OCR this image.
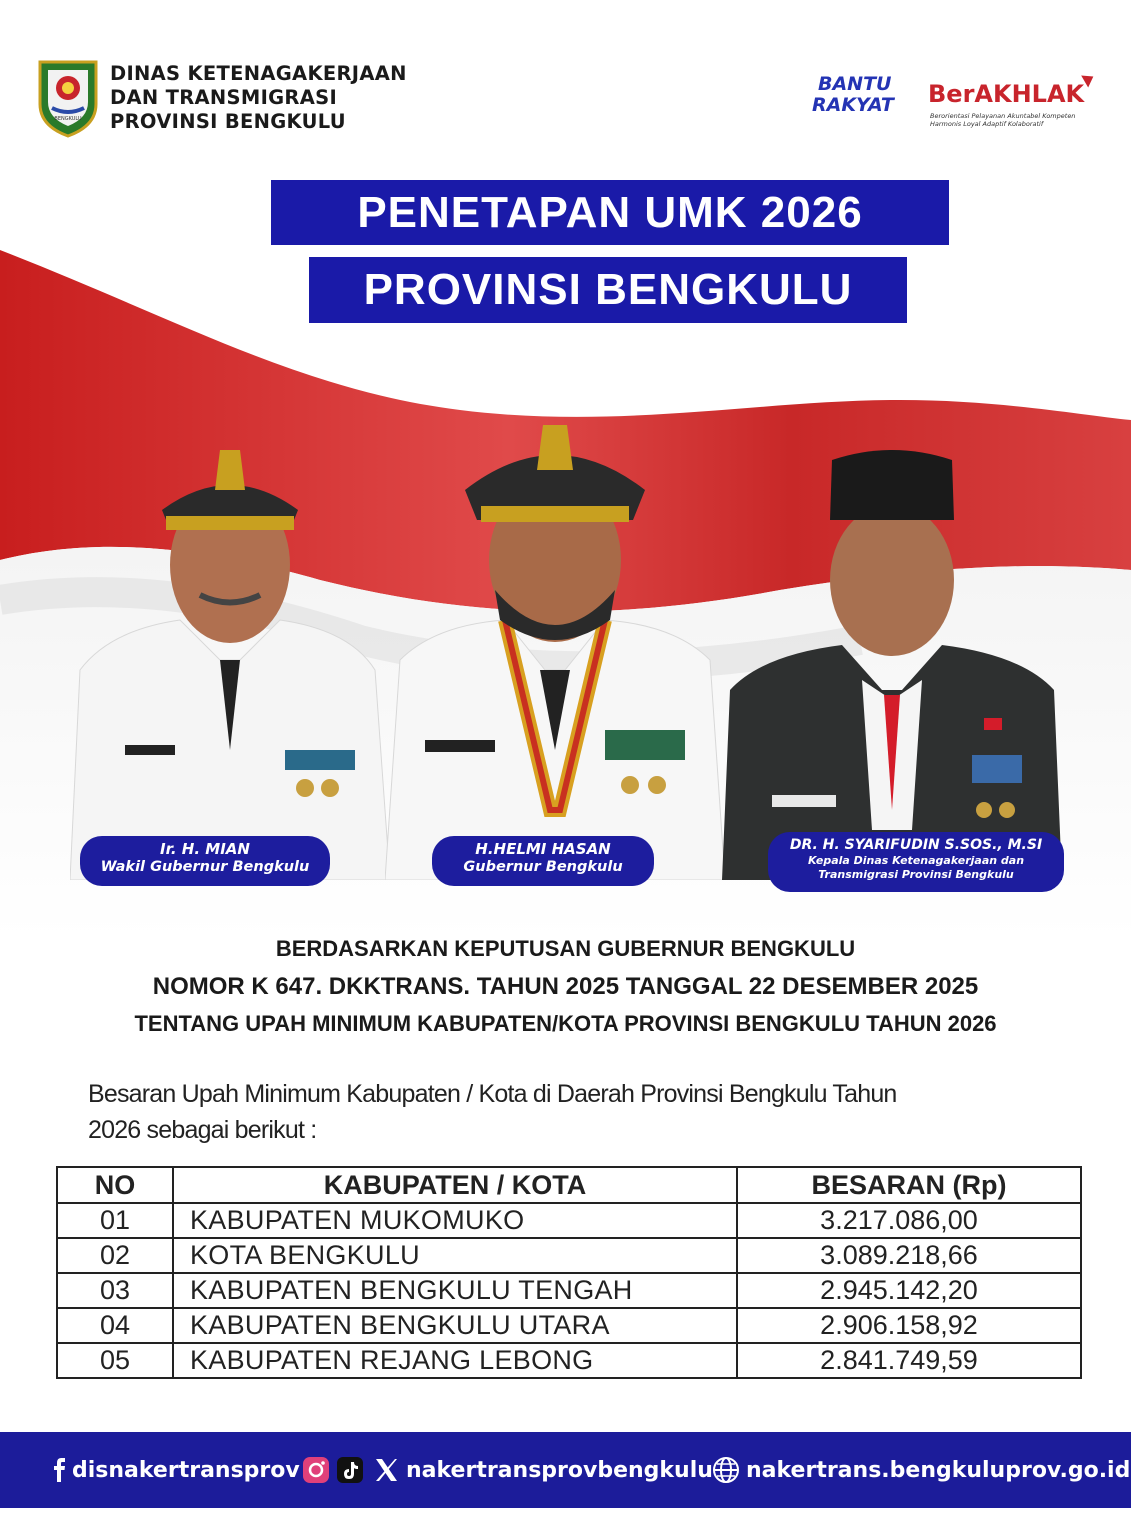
BENGKULU
DINAS KETENAGAKERJAAN
DAN TRANSMIGRASI
PROVINSI BENGKULU
BANTU
RAKYAT BerAKHLAK
Berorientasi Pelayanan Akuntabel Kompeten
Harmonis Loyal Adaptif Kolaboratif
PENETAPAN UMK 2026
PROVINSI BENGKULU
Ir. H. MIAN
Wakil Gubernur Bengkulu
H.HELMI HASAN
Gubernur Bengkulu
DR. H. SYARIFUDIN S.SOS., M.SI
Kepala Dinas Ketenagakerjaan dan
Transmigrasi Provinsi Bengkulu
BERDASARKAN KEPUTUSAN GUBERNUR BENGKULU
NOMOR K 647. DKKTRANS. TAHUN 2025 TANGGAL 22 DESEMBER 2025
TENTANG UPAH MINIMUM KABUPATEN/KOTA PROVINSI BENGKULU TAHUN 2026
Besaran Upah Minimum Kabupaten / Kota di Daerah Provinsi Bengkulu Tahun
2026 sebagai berikut :
NO	KABUPATEN / KOTA	BESARAN (Rp)
01	KABUPATEN MUKOMUKO	3.217.086,00
02	KOTA BENGKULU	3.089.218,66
03	KABUPATEN BENGKULU TENGAH	2.945.142,20
04	KABUPATEN BENGKULU UTARA	2.906.158,92
05	KABUPATEN REJANG LEBONG	2.841.749,59
disnakertransprov	nakertransprovbengkulu nakertrans.bengkuluprov.go.id
